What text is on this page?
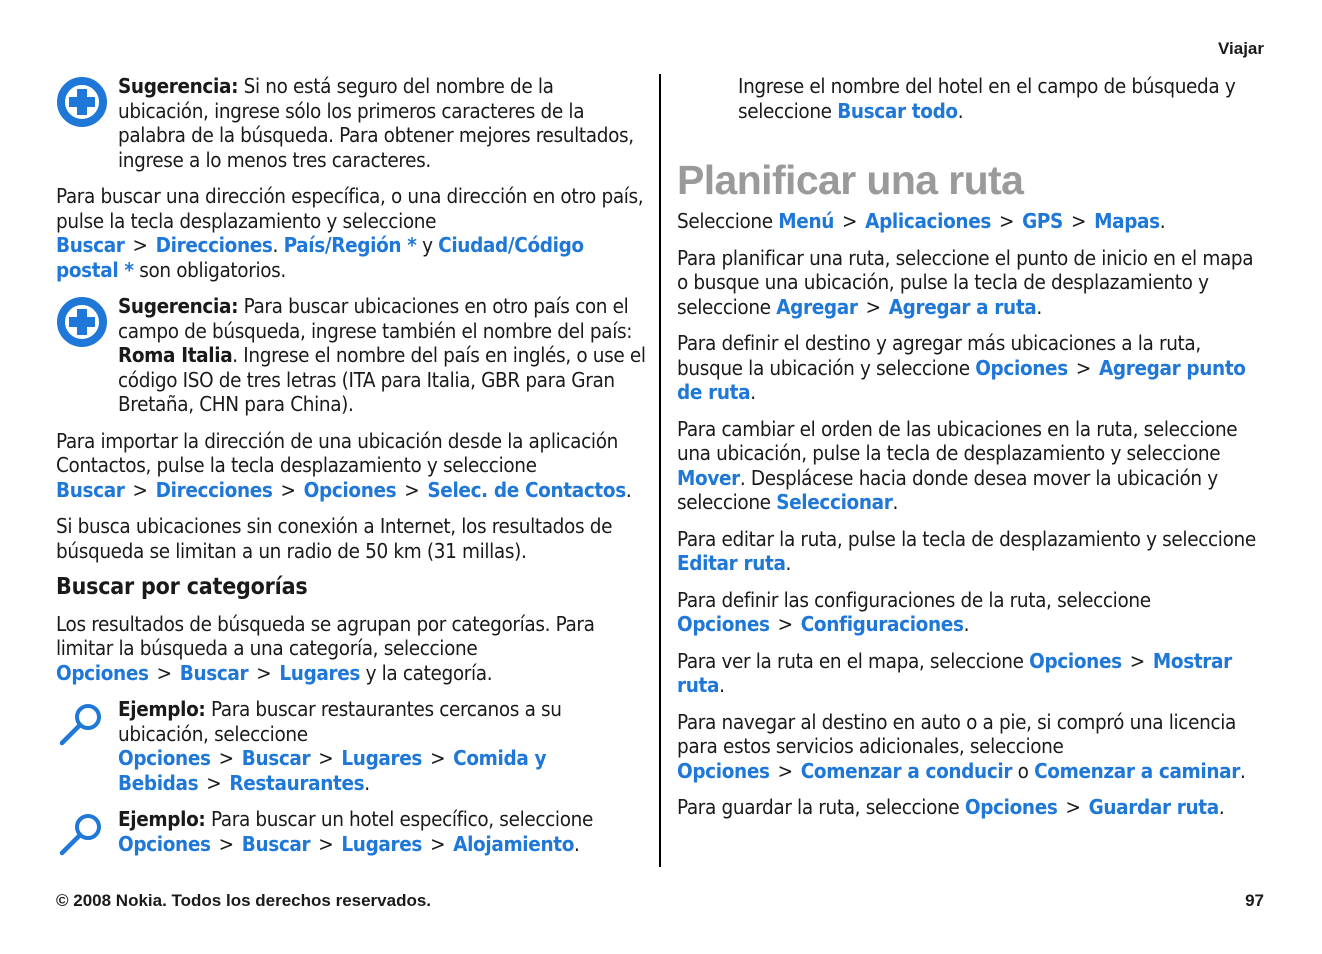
Viajar

Sugerencia: Si no está seguro del nombre de la ubicación, ingrese sólo los primeros caracteres de la palabra de la búsqueda. Para obtener mejores resultados, ingrese a lo menos tres caracteres.

Para buscar una dirección específica, o una dirección en otro país, pulse la tecla desplazamiento y seleccione Buscar > Direcciones. País/Región * y Ciudad/Código postal * son obligatorios.

Sugerencia: Para buscar ubicaciones en otro país con el campo de búsqueda, ingrese también el nombre del país: Roma Italia. Ingrese el nombre del país en inglés, o use el código ISO de tres letras (ITA para Italia, GBR para Gran Bretaña, CHN para China).

Para importar la dirección de una ubicación desde la aplicación Contactos, pulse la tecla desplazamiento y seleccione Buscar > Direcciones > Opciones > Selec. de Contactos.

Si busca ubicaciones sin conexión a Internet, los resultados de búsqueda se limitan a un radio de 50 km (31 millas).

Buscar por categorías

Los resultados de búsqueda se agrupan por categorías. Para limitar la búsqueda a una categoría, seleccione Opciones > Buscar > Lugares y la categoría.

Ejemplo: Para buscar restaurantes cercanos a su ubicación, seleccione Opciones > Buscar > Lugares > Comida y Bebidas > Restaurantes.

Ejemplo: Para buscar un hotel específico, seleccione Opciones > Buscar > Lugares > Alojamiento.

Ingrese el nombre del hotel en el campo de búsqueda y seleccione Buscar todo.

Planificar una ruta

Seleccione Menú > Aplicaciones > GPS > Mapas.

Para planificar una ruta, seleccione el punto de inicio en el mapa o busque una ubicación, pulse la tecla de desplazamiento y seleccione Agregar > Agregar a ruta.

Para definir el destino y agregar más ubicaciones a la ruta, busque la ubicación y seleccione Opciones > Agregar punto de ruta.

Para cambiar el orden de las ubicaciones en la ruta, seleccione una ubicación, pulse la tecla de desplazamiento y seleccione Mover. Desplácese hacia donde desea mover la ubicación y seleccione Seleccionar.

Para editar la ruta, pulse la tecla de desplazamiento y seleccione Editar ruta.

Para definir las configuraciones de la ruta, seleccione Opciones > Configuraciones.

Para ver la ruta en el mapa, seleccione Opciones > Mostrar ruta.

Para navegar al destino en auto o a pie, si compró una licencia para estos servicios adicionales, seleccione Opciones > Comenzar a conducir o Comenzar a caminar.

Para guardar la ruta, seleccione Opciones > Guardar ruta.

© 2008 Nokia. Todos los derechos reservados.	97
